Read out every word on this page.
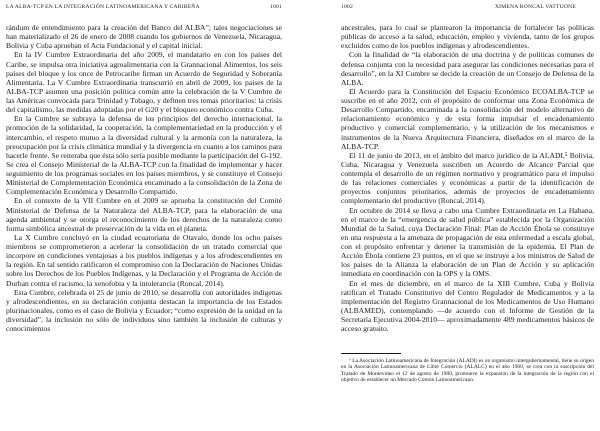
LA ALBA-TCP EN LA INTEGRACIÓN LATINOAMERICANA Y CARIBEÑA	1001

rándum de entendimiento para la creación del Banco del ALBA”; tales negociaciones se han materializado el 26 de enero de 2008 cuando los gobiernos de Venezuela, Nicaragua, Bolivia y Cuba aprueban el Acta Fundacional y el capital inicial.

En la IV Cumbre Extraordinaria del año 2009, el mandatario en con los países del Caribe, se impulsa otra iniciativa agroalimentaria con la Grannacional Alimentos, los seis países del bloque y los once de Petrocaribe firman un Acuerdo de Seguridad y Soberanía Alimentaria. La V Cumbre Extraordinaria transcurrió en abril de 2009, los países de la ALBA-TCP asumen una posición política común ante la celebración de la V Cumbre de las Américas convocada para Trinidad y Tobago, y definen tres temas prioritarios: la crisis del capitalismo, las medidas adoptadas por el G20 y el bloqueo económico contra Cuba.

En la Cumbre se subraya la defensa de los principios del derecho internacional, la promoción de la solidaridad, la cooperación, la complementariedad en la producción y el intercambio, el respeto mutuo a la diversidad cultural y la armonía con la naturaleza, la preocupación por la crisis climática mundial y la divergencia en cuanto a los caminos para hacerle frente. Se reiteraba que ésta sólo sería posible mediante la participación del G-192. Se crea el Consejo Ministerial de la ALBA-TCP con la finalidad de implementar y hacer seguimiento de los programas sociales en los países miembros, y se constituye el Consejo Ministerial de Complementación Económica encaminado a la consolidación de la Zona de Complementación Económica y Desarrollo Compartido.

En el contexto de la VII Cumbre en el 2009 se aprueba la constitución del Comité Ministerial de Defensa de la Naturaleza del ALBA-TCP, para la elaboración de una agenda ambiental y se otorga el reconocimiento de los derechos de la naturaleza como forma simbólica ancestral de preservación de la vida en el planeta.

La X Cumbre concluyó en la ciudad ecuatoriana de Otavalo, donde los ocho países miembros se comprometieron a acelerar la consolidación de un tratado comercial que incorpore en condiciones ventajosas a los pueblos indígenas y a los afrodescendientes en la región. En tal sentido ratificaron el compromiso con la Declaración de Naciones Unidas sobre los Derechos de los Pueblos Indígenas, y la Declaración y el Programa de Acción de Durban contra el racismo, la xenofobia y la intolerancia (Roncal, 2014).

Esta Cumbre, celebrada el 25 de junio de 2010, se desarrolla con autoridades indígenas y afrodescendientes, en su declaración conjunta destacan la importancia de los Estados plurinacionales, como es el caso de Bolivia y Ecuador; “como expresión de la unidad en la diversidad”, la inclusión no sólo de individuos sino también la inclusión de culturas y conocimientos

1002	XIMENA RONCAL VATTUONE

ancestrales, para lo cual se plantearon la importancia de fortalecer las políticas públicas de acceso a la salud, educación, empleo y vivienda, tanto de los grupos excluidos como de los pueblos indígenas y afrodescendientes.

Con la finalidad de “la elaboración de una doctrina y de políticas comunes de defensa conjunta con la necesidad para asegurar las condiciones necesarias para el desarrollo”, en la XI Cumbre se decide la creación de un Consejo de Defensa de la ALBA.

El Acuerdo para la Constitución del Espacio Económico ECOALBA-TCP se suscribe en el año 2012, con el propósito de conformar una Zona Económica de Desarrollo Compartido, encaminada a la consolidación del modelo alternativo de relacionamiento económico y de esta forma impulsar el encadenamiento productivo y comercial complementario, y la utilización de los mecanismos e instrumentos de la Nueva Arquitectura Financiera, diseñados en el marco de la ALBA-TCP.

El 11 de junio de 2013, en el ámbito del marco jurídico de la ALADI,⁵ Bolivia, Cuba, Nicaragua y Venezuela suscriben un Acuerdo de Alcance Parcial que contempla el desarrollo de un régimen normativo y programático para el impulso de las relaciones comerciales y económicas a partir de la identificación de proyectos conjuntos prioritarios, además de proyectos de encadenamiento complementario del productivo (Roncal, 2014).

En octubre de 2014 se lleva a cabo una Cumbre Extraordinaria en La Habana, en el marco de la “emergencia de salud pública” establecida por la Organización Mundial de la Salud, cuya Declaración Final: Plan de Acción Ébola se constituye en una respuesta a la amenaza de propagación de esta enfermedad a escala global, con el propósito enfrentar y detener la transmisión de la epidemia. El Plan de Acción Ébola contiene 23 puntos, en el que se instruye a los ministros de Salud de los países de la Alianza la elaboración de un Plan de Acción y su aplicación inmediata en coordinación con la OPS y la OMS.

En el mes de diciembre, en el marco de la XIII Cumbre, Cuba y Bolivia ratifican el Tratado Constitutivo del Centro Regulador de Medicamentos y a la implementación del Registro Grannacional de los Medicamentos de Uso Humano (ALBAMED), contemplando —de acuerdo con el Informe de Gestión de la Secretaría Ejecutiva 2004-2010— aproximadamente 489 medicamentos básicos de acceso gratuito.

⁵ La Asociación Latinoamericana de Integración (ALADI) es un organismo intergubernamental, tiene su origen en la Asociación Latinoamericana de Libre Comercio (ALALC) en el año 1960, se crea con la suscripción del Tratado de Montevideo el 12 de agosto de 1980, promueve la expansión de la integración de la región con el objetivo de establecer un Mercado Común Latinoamericano.
